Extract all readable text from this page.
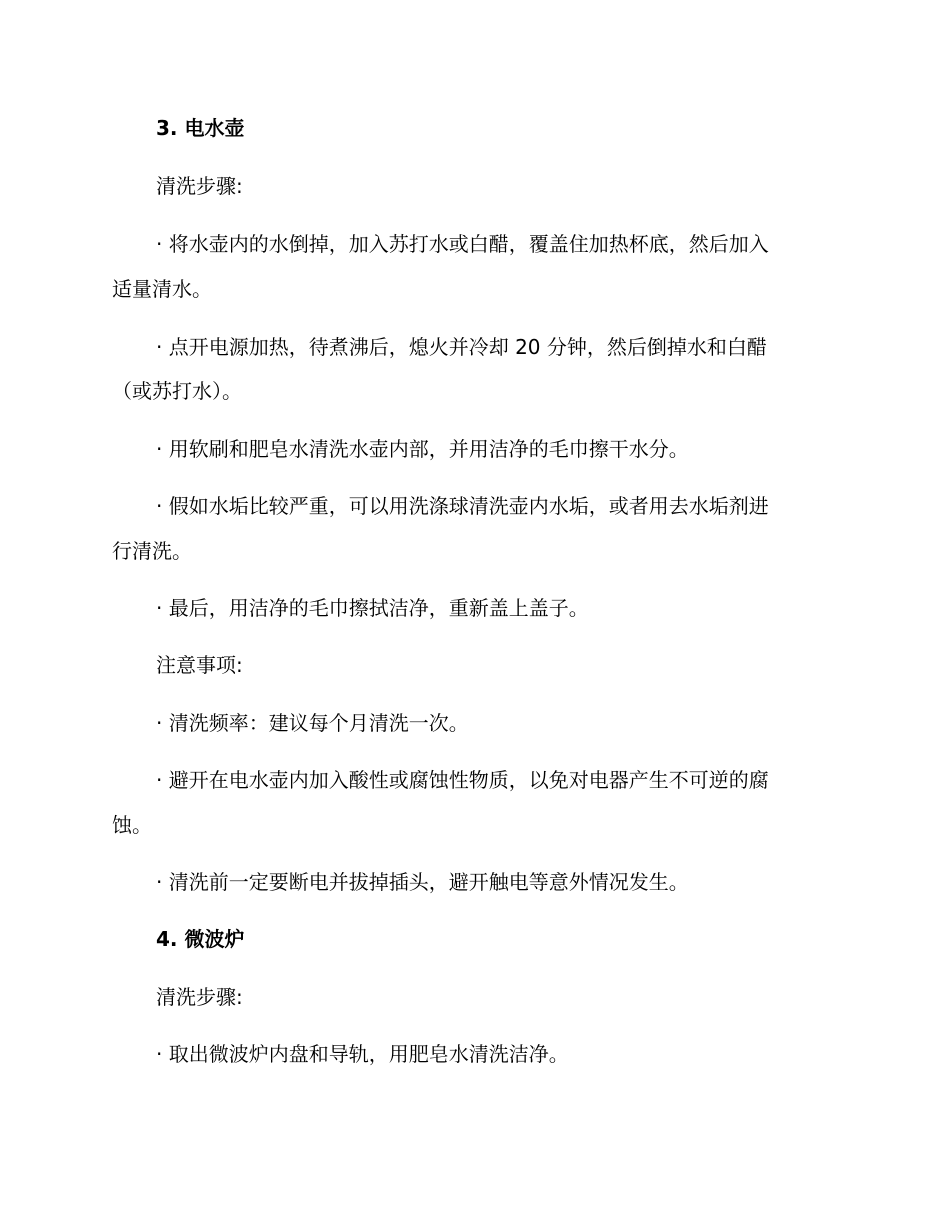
3. 电水壶
清洗步骤:
· 将水壶内的水倒掉，加入苏打水或白醋，覆盖住加热杯底，然后加入
适量清水。
· 点开电源加热，待煮沸后，熄火并冷却 20 分钟，然后倒掉水和白醋
（或苏打水）。
· 用软刷和肥皂水清洗水壶内部，并用洁净的毛巾擦干水分。
· 假如水垢比较严重，可以用洗涤球清洗壶内水垢，或者用去水垢剂进
行清洗。
· 最后，用洁净的毛巾擦拭洁净，重新盖上盖子。
注意事项:
· 清洗频率：建议每个月清洗一次。
· 避开在电水壶内加入酸性或腐蚀性物质，以免对电器产生不可逆的腐
蚀。
· 清洗前一定要断电并拔掉插头，避开触电等意外情况发生。
4. 微波炉
清洗步骤:
· 取出微波炉内盘和导轨，用肥皂水清洗洁净。
